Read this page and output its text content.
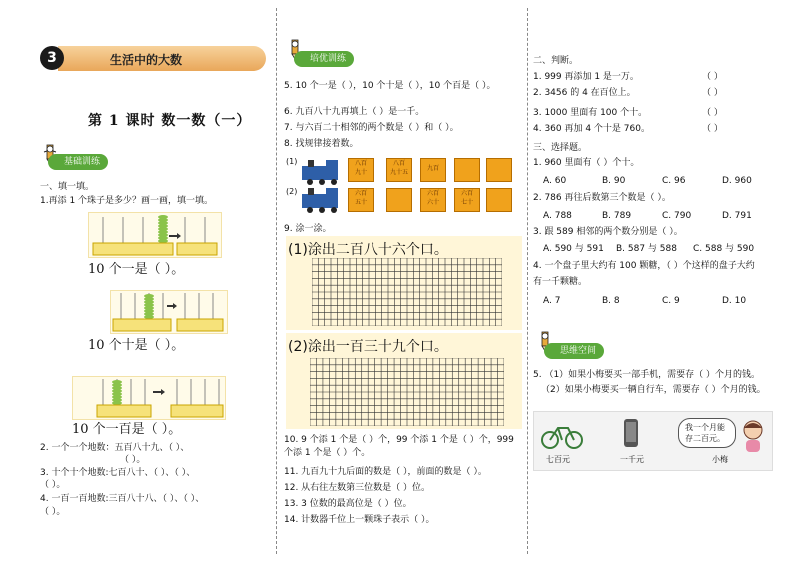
3	生活中的大数
第 1 课时 数一数（一）
基础训练
一、填一填。
1.再添 1 个珠子是多少？画一画，填一填。
10 个一是（ ）。
10 个十是（ ）。
10 个一百是（ ）。
2. 一个一个地数：五百八十九、（ ）、
（ ）。
3. 十个十个地数:七百八十、（ ）、（ ）、
（ ）。
4. 一百一百地数:三百八十八、（ ）、（ ）、
（ ）。
培优训练
5. 10 个一是（ ），10 个十是（ ），10 个百是（ ）。
6. 九百八十九再填上（ ）是一千。
7. 与六百二十相邻的两个数是（ ）和（ ）。
8. 找规律接着数。
(1)	八百
九十
八百
九十五
九百
(2)	六百
五十
六百
六十
六百
七十
9. 涂一涂。
(1)涂出二百八十六个口。
(2)涂出一百三十九个口。
10. 9 个添 1 个是（ ）个，99 个添 1 个是（ ）个，999
个添 1 个是（ ）个。
11. 九百九十九后面的数是（ ），前面的数是（ ）。
12. 从右往左数第三位数是（ ）位。
13. 3 位数的最高位是（ ）位。
14. 计数器千位上一颗珠子表示（ ）。
二、判断。
1. 999 再添加 1 是一万。	（ ）
2. 3456 的 4 在百位上。	（ ）
3. 1000 里面有 100 个十。	（ ）
4. 360 再加 4 个十是 760。	（ ）
三、选择题。
1. 960 里面有（ ）个十。
A. 60	B. 90	C. 96	D. 960
2. 786 再往后数第三个数是（ ）。
A. 788	B. 789	C. 790	D. 791
3. 跟 589 相邻的两个数分别是（ ）。
A. 590 与 591 B. 587 与 588 C. 588 与 590
4. 一个盘子里大约有 100 颗糖，（ ）个这样的盘子大约
有一千颗糖。
A. 7	B. 8	C. 9	D. 10
思维空间
5. （1）如果小梅要买一部手机，需要存（ ）个月的钱。
（2）如果小梅要买一辆自行车，需要存（ ）个月的钱。
七百元	一千元
我一个月能
存二百元。
小梅
